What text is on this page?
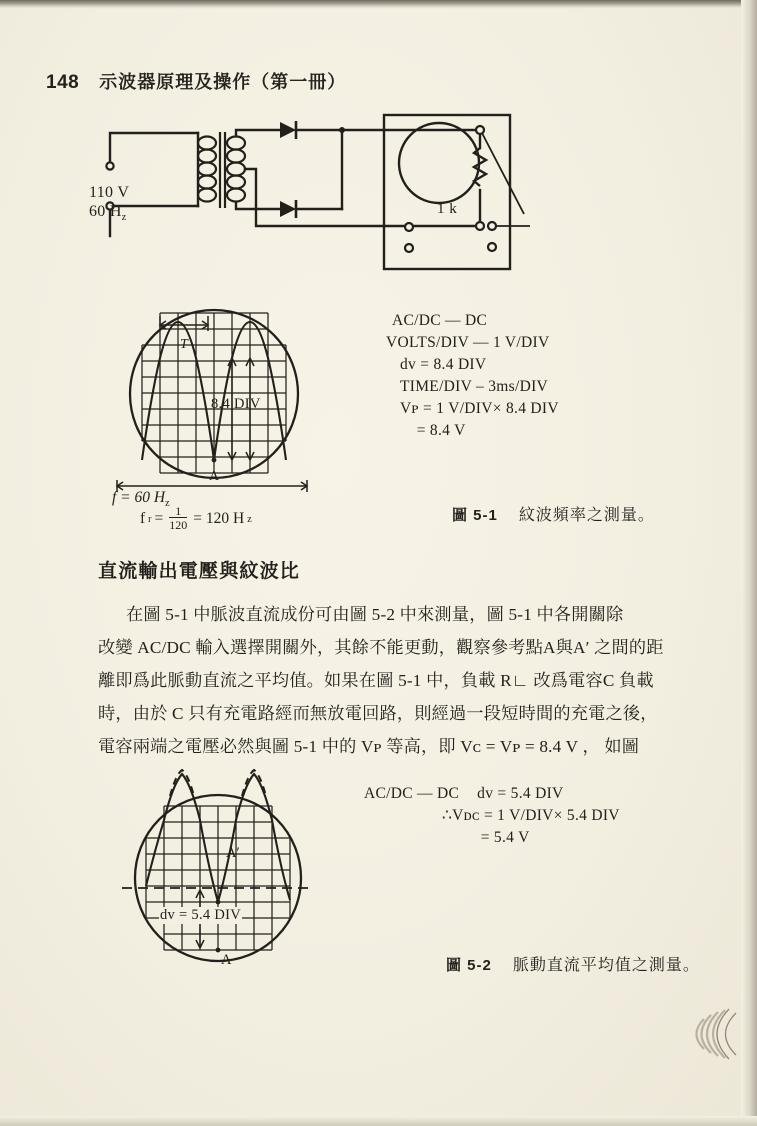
148 示波器原理及操作（第一冊）
1 k
110 V
60 $H_z$
T
8.4 DIV
A
f = 60 $H_z$
f $r = \frac{1}{120} = 120$ H z
AC/DC — DC
VOLTS/DIV — 1 V/DIV
dᴠ = 8.4 DIV
TIME/DIV – 3ms/DIV
Vᴘ = 1 V/DIV× 8.4 DIV
= 8.4 V
圖 5-1 紋波頻率之測量。
直流輸出電壓與紋波比
在圖 5-1 中脈波直流成份可由圖 5-2 中來測量，圖 5-1 中各開關除
改變 AC/DC 輸入選擇開關外，其餘不能更動，觀察參考點A與A′ 之間的距
離即爲此脈動直流之平均值。如果在圖 5-1 中，負載 R∟ 改爲電容C 負載
時，由於 C 只有充電路經而無放電回路，則經過一段短時間的充電之後，
電容兩端之電壓必然與圖 5-1 中的 Vᴘ 等高，即 Vᴄ = Vᴘ = 8.4 V ， 如圖
A′
dᴠ = 5.4 DIV
A
AC/DC — DC dv = 5.4 DIV
∴Vᴅᴄ = 1 V/DIV× 5.4 DIV
= 5.4 V
圖 5-2 脈動直流平均值之測量。
